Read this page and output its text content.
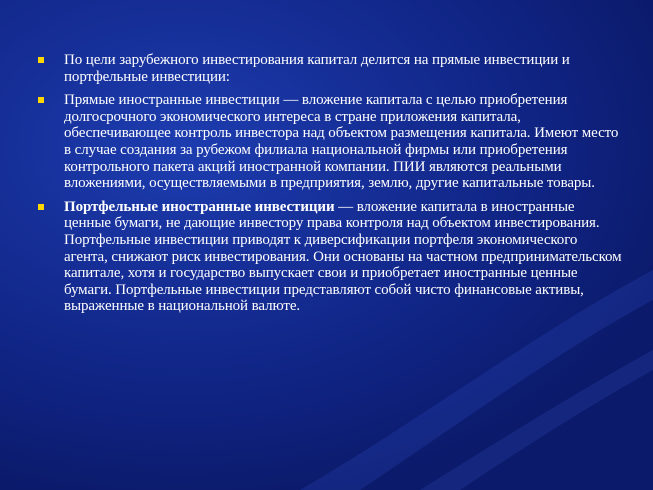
По цели зарубежного инвестирования капитал делится на прямые инвестиции и портфельные инвестиции:
Прямые иностранные инвестиции — вложение капитала с целью приобретения долгосрочного экономического интереса в стране приложения капитала, обеспечивающее контроль инвестора над объектом размещения капитала. Имеют место в случае создания за рубежом филиала национальной фирмы или приобретения контрольного пакета акций иностранной компании. ПИИ являются реальными вложениями, осуществляемыми в предприятия, землю, другие капитальные товары.
Портфельные иностранные инвестиции — вложение капитала в иностранные ценные бумаги, не дающие инвестору права контроля над объектом инвестирования. Портфельные инвестиции приводят к диверсификации портфеля экономического агента, снижают риск инвестирования. Они основаны на частном предпринимательском капитале, хотя и государство выпускает свои и приобретает иностранные ценные бумаги. Портфельные инвестиции представляют собой чисто финансовые активы, выраженные в национальной валюте.
